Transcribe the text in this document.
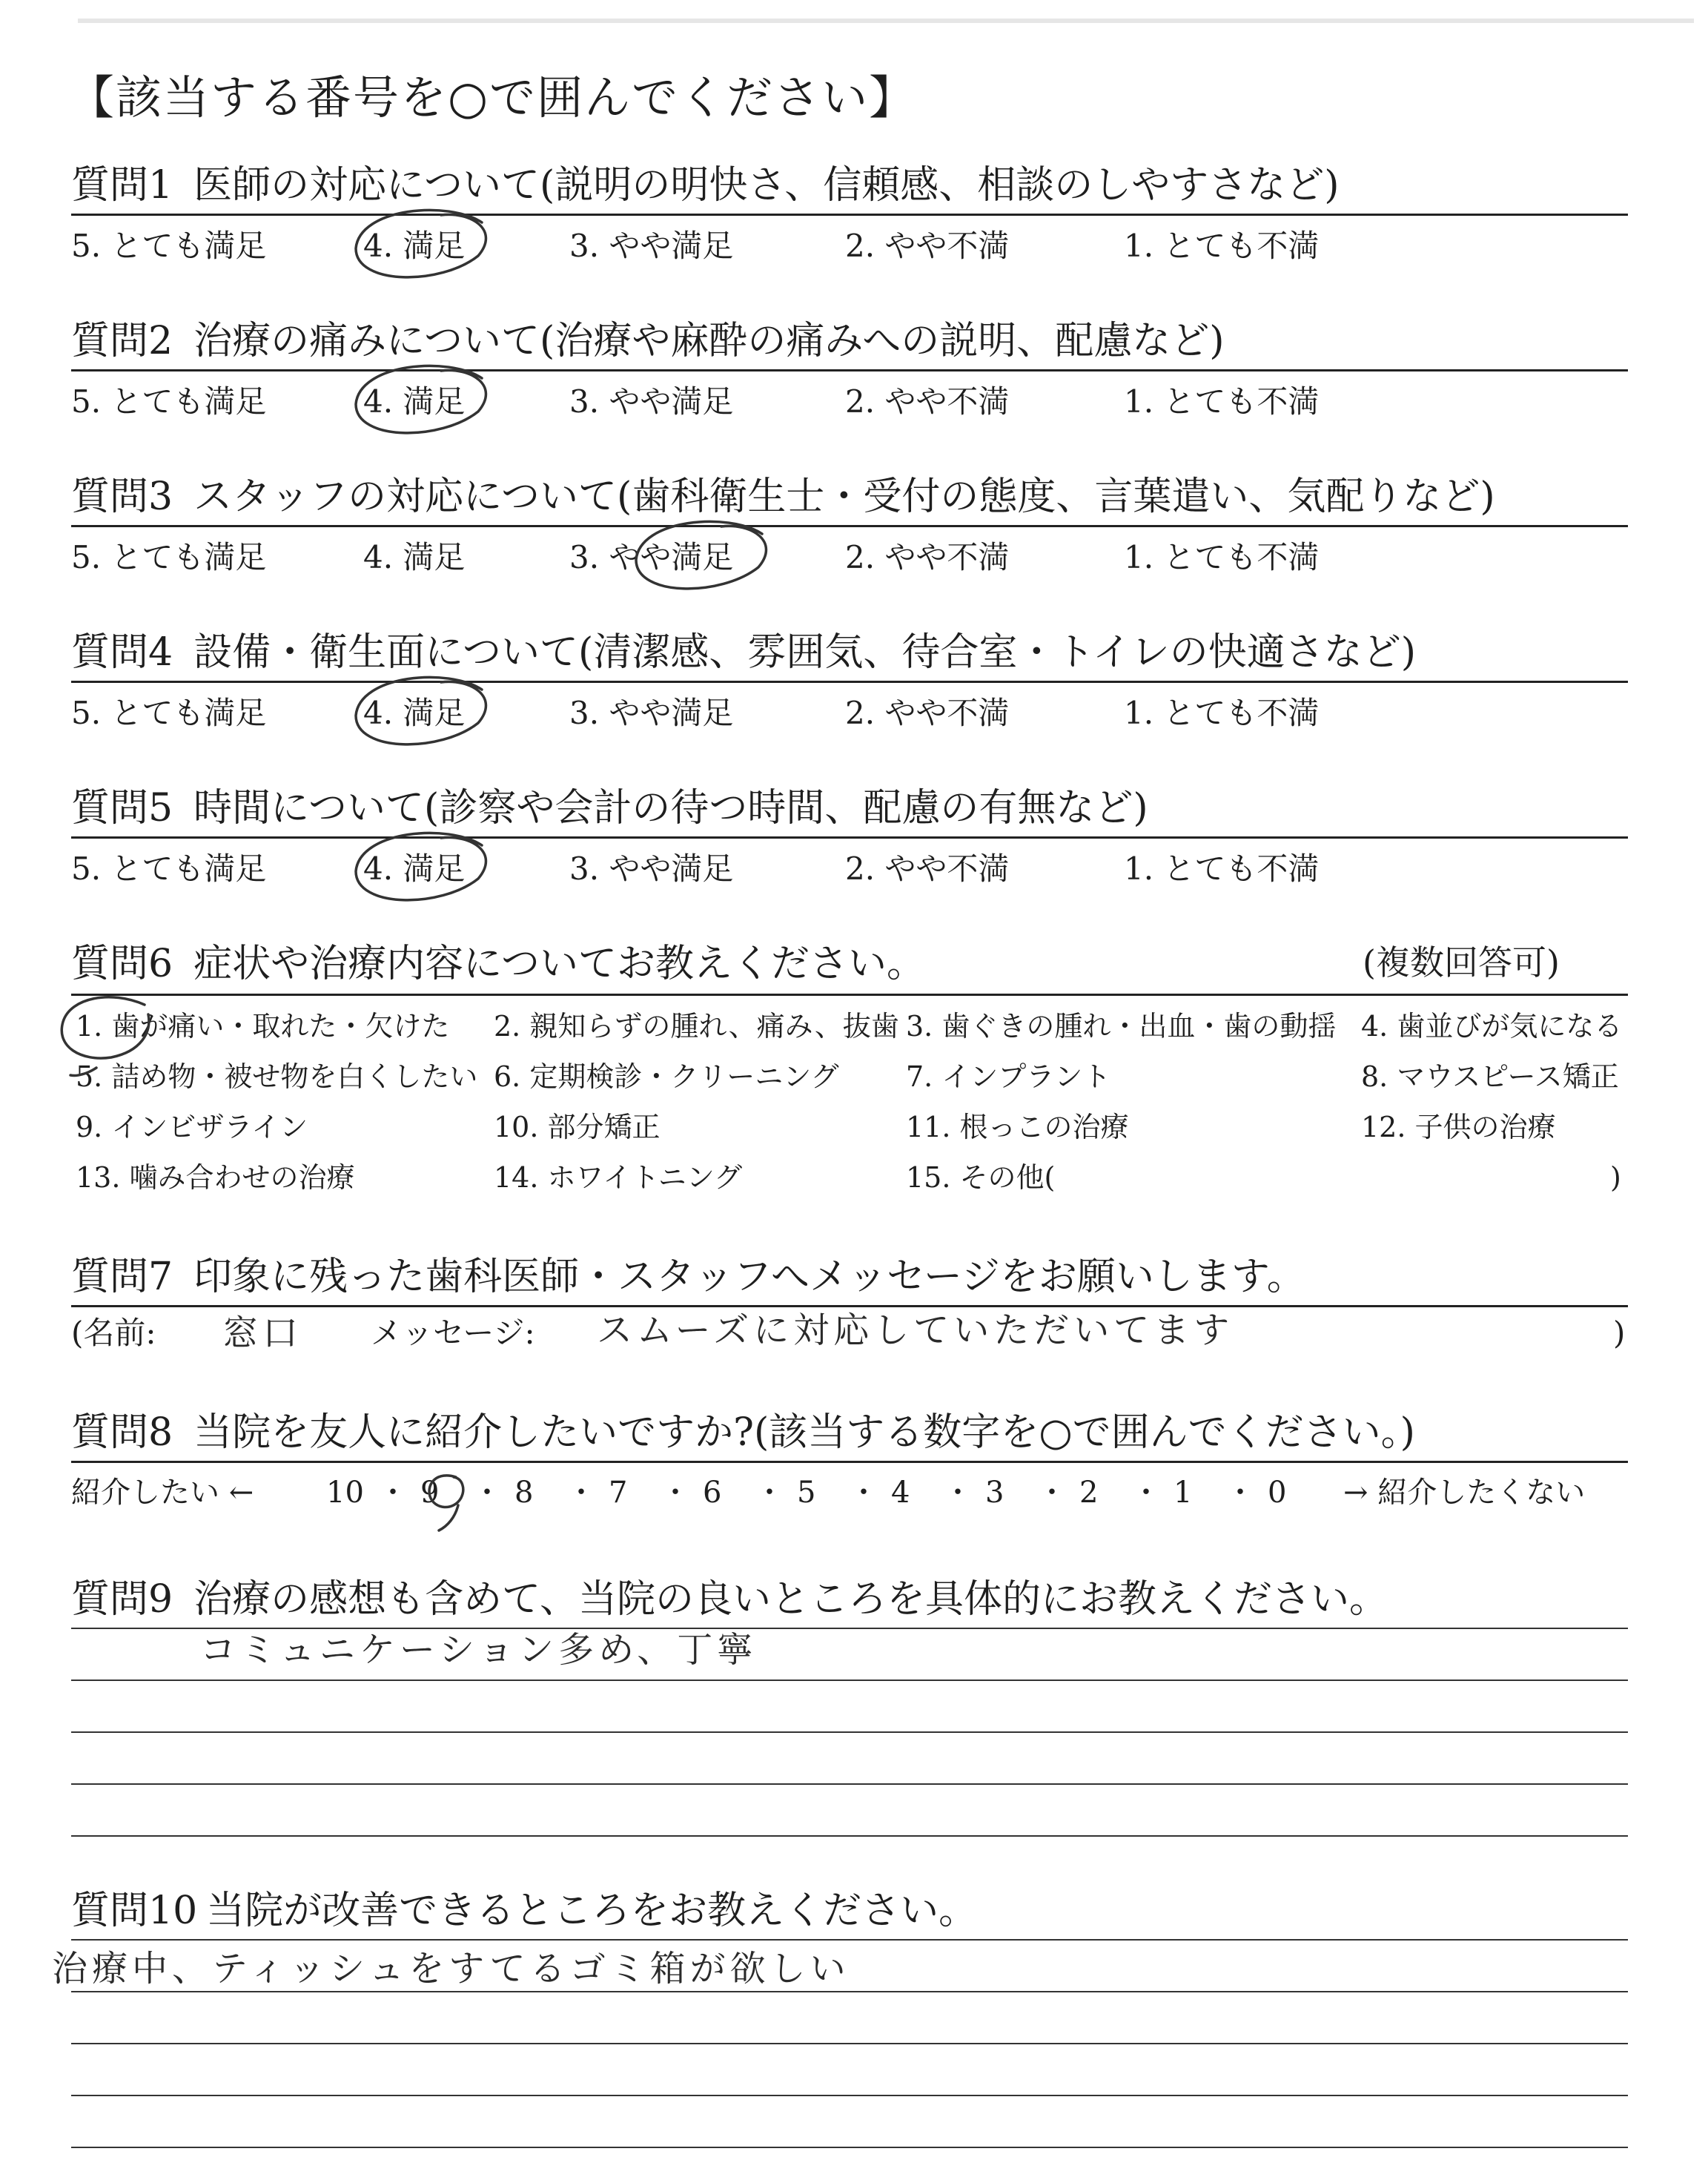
【該当する番号を○で囲んでください】
質問1 医師の対応について(説明の明快さ、信頼感、相談のしやすさなど)
5. とても満足	4. 満足	3. やや満足	2. やや不満	1. とても不満
質問2 治療の痛みについて(治療や麻酔の痛みへの説明、配慮など)
5. とても満足	4. 満足	3. やや満足	2. やや不満	1. とても不満
質問3 スタッフの対応について(歯科衛生士・受付の態度、言葉遣い、気配りなど)
5. とても満足	4. 満足	3. やや満足	2. やや不満	1. とても不満
質問4 設備・衛生面について(清潔感、雰囲気、待合室・トイレの快適さなど)
5. とても満足	4. 満足	3. やや満足	2. やや不満	1. とても不満
質問5 時間について(診察や会計の待つ時間、配慮の有無など)
5. とても満足	4. 満足	3. やや満足	2. やや不満	1. とても不満
質問6 症状や治療内容についてお教えください。	(複数回答可)
1. 歯が痛い・取れた・欠けた 2. 親知らずの腫れ、痛み、抜歯 3. 歯ぐきの腫れ・出血・歯の動揺 4. 歯並びが気になる
5. 詰め物・被せ物を白くしたい 6. 定期検診・クリーニング 7. インプラント	8. マウスピース矯正
9. インビザライン	10. 部分矯正	11. 根っこの治療	12. 子供の治療
13. 噛み合わせの治療	14. ホワイトニング	15. その他(	)
質問7 印象に残った歯科医師・スタッフへメッセージをお願いします。
(名前: 窓口 メッセージ: スムーズに対応していただいてます	)
質問8 当院を友人に紹介したいですか?(該当する数字を○で囲んでください。)
紹介したい ←	→ 紹介したくない
10 ・ 9 ・ 8 ・ 7 ・ 6 ・ 5 ・ 4 ・ 3 ・ 2 ・ 1 ・ 0
質問9 治療の感想も含めて、当院の良いところを具体的にお教えください。
コミュニケーション多め、丁寧
質問10 当院が改善できるところをお教えください。
治療中、ティッシュをすてるゴミ箱が欲しい
